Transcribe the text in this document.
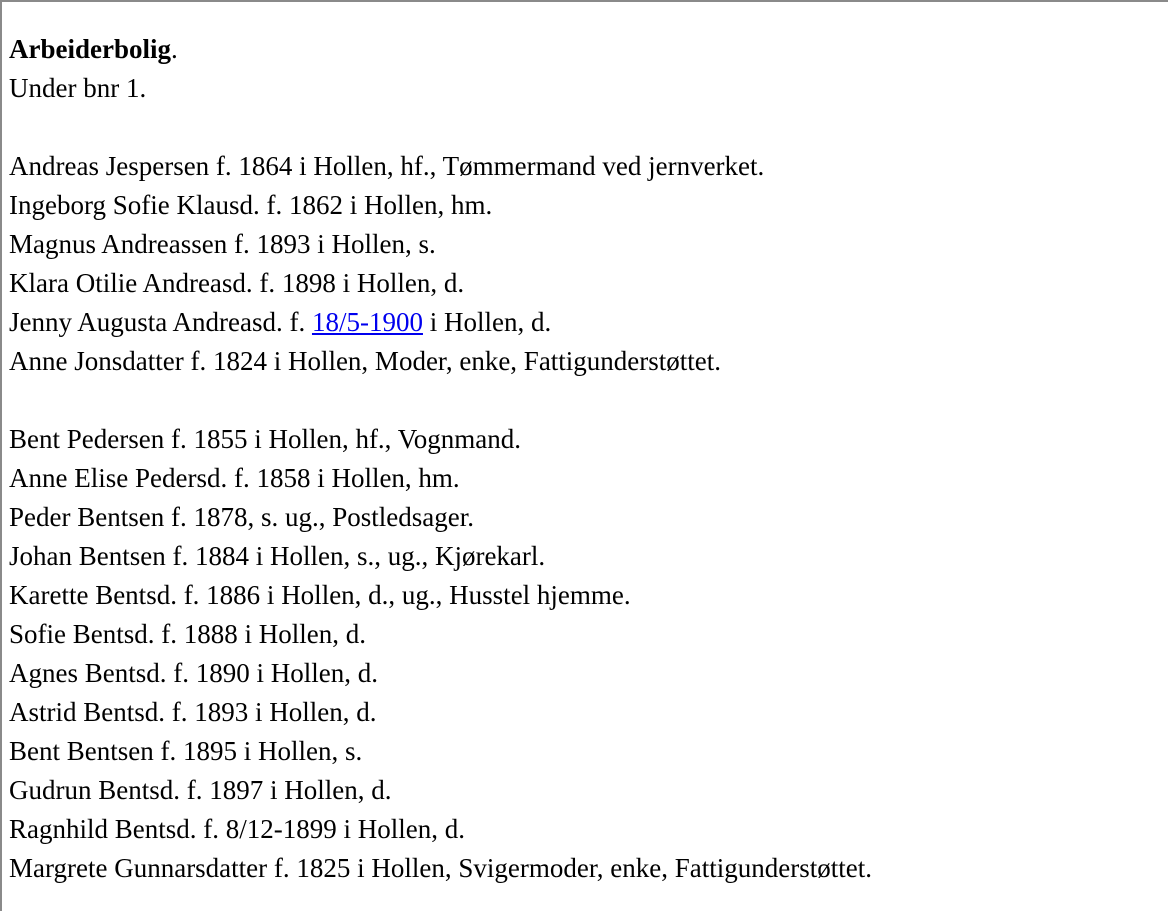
Arbeiderbolig.
Under bnr 1.
Andreas Jespersen f. 1864 i Hollen, hf., Tømmermand ved jernverket.
Ingeborg Sofie Klausd. f. 1862 i Hollen, hm.
Magnus Andreassen f. 1893 i Hollen, s.
Klara Otilie Andreasd. f. 1898 i Hollen, d.
Jenny Augusta Andreasd. f. 18/5-1900 i Hollen, d.
Anne Jonsdatter f. 1824 i Hollen, Moder, enke, Fattigunderstøttet.
Bent Pedersen f. 1855 i Hollen, hf., Vognmand.
Anne Elise Pedersd. f. 1858 i Hollen, hm.
Peder Bentsen f. 1878, s. ug., Postledsager.
Johan Bentsen f. 1884 i Hollen, s., ug., Kjørekarl.
Karette Bentsd. f. 1886 i Hollen, d., ug., Husstel hjemme.
Sofie Bentsd. f. 1888 i Hollen, d.
Agnes Bentsd. f. 1890 i Hollen, d.
Astrid Bentsd. f. 1893 i Hollen, d.
Bent Bentsen f. 1895 i Hollen, s.
Gudrun Bentsd. f. 1897 i Hollen, d.
Ragnhild Bentsd. f. 8/12-1899 i Hollen, d.
Margrete Gunnarsdatter f. 1825 i Hollen, Svigermoder, enke, Fattigunderstøttet.
